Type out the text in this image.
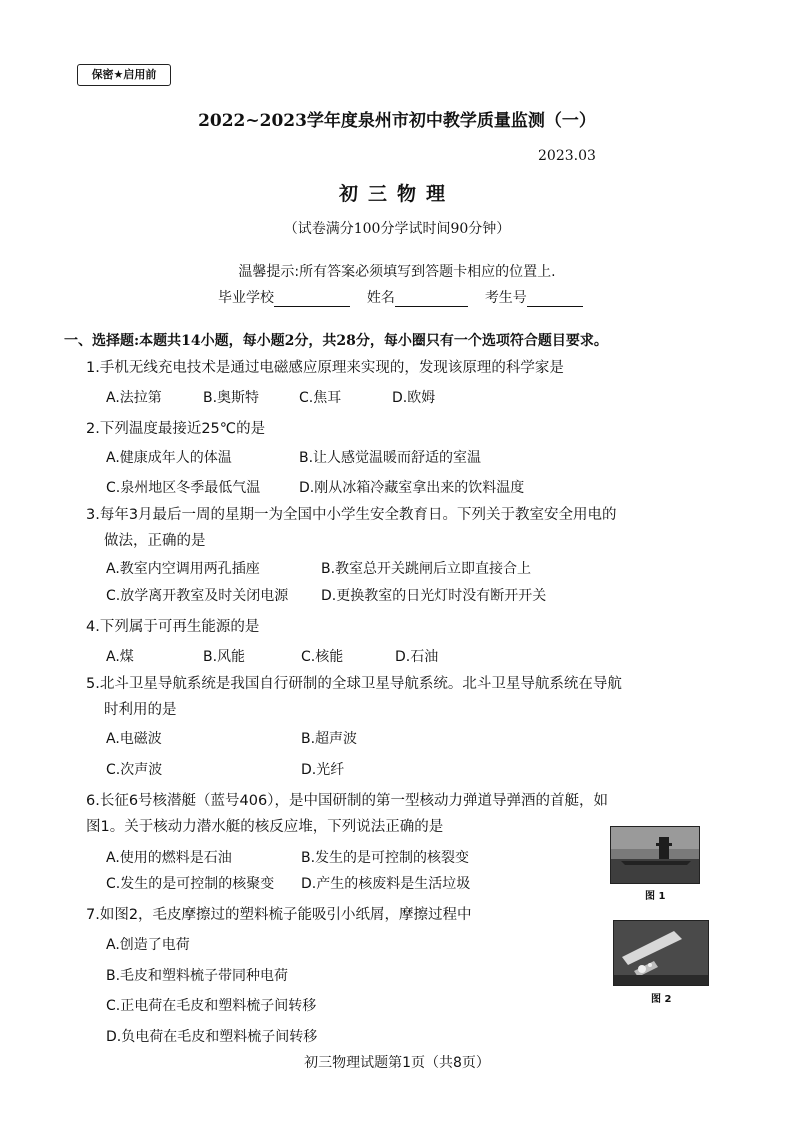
保密★启用前
2022~2023学年度泉州市初中教学质量监测（一）
2023.03
初三物理
（试卷满分100分学试时间90分钟）
温馨提示:所有答案必须填写到答题卡相应的位置上.
毕业学校	姓名	考生号
一、选择题:本题共14小题，每小题2分，共28分，每小圈只有一个选项符合题目要求。
1.手机无线充电技术是通过电磁感应原理来实现的，发现该原理的科学家是
A.法拉第	B.奥斯特	C.焦耳	D.欧姆
2.下列温度最接近25℃的是
A.健康成年人的体温	B.让人感觉温暖而舒适的室温
C.泉州地区冬季最低气温	D.刚从冰箱冷藏室拿出来的饮料温度
3.每年3月最后一周的星期一为全国中小学生安全教育日。下列关于教室安全用电的
做法，正确的是
A.教室内空调用两孔插座	B.教室总开关跳闸后立即直接合上
C.放学离开教室及时关闭电源 D.更换教室的日光灯时没有断开开关
4.下列属于可再生能源的是
A.煤	B.风能	C.核能	D.石油
5.北斗卫星导航系统是我国自行研制的全球卫星导航系统。北斗卫星导航系统在导航
时利用的是
A.电磁波	B.超声波
C.次声波	D.光纤
6.长征6号核潜艇（蓝号406），是中国研制的第一型核动力弹道导弹酒的首艇，如
图1。关于核动力潜水艇的核反应堆，下列说法正确的是
A.使用的燃料是石油	B.发生的是可控制的核裂变
C.发生的是可控制的核聚变 D.产生的核废料是生活垃圾
图 1
7.如图2，毛皮摩擦过的塑料梳子能吸引小纸屑，摩擦过程中
A.创造了电荷
B.毛皮和塑料梳子带同种电荷
C.正电荷在毛皮和塑料梳子间转移
D.负电荷在毛皮和塑料梳子间转移
图 2
初三物理试题第1页（共8页）
